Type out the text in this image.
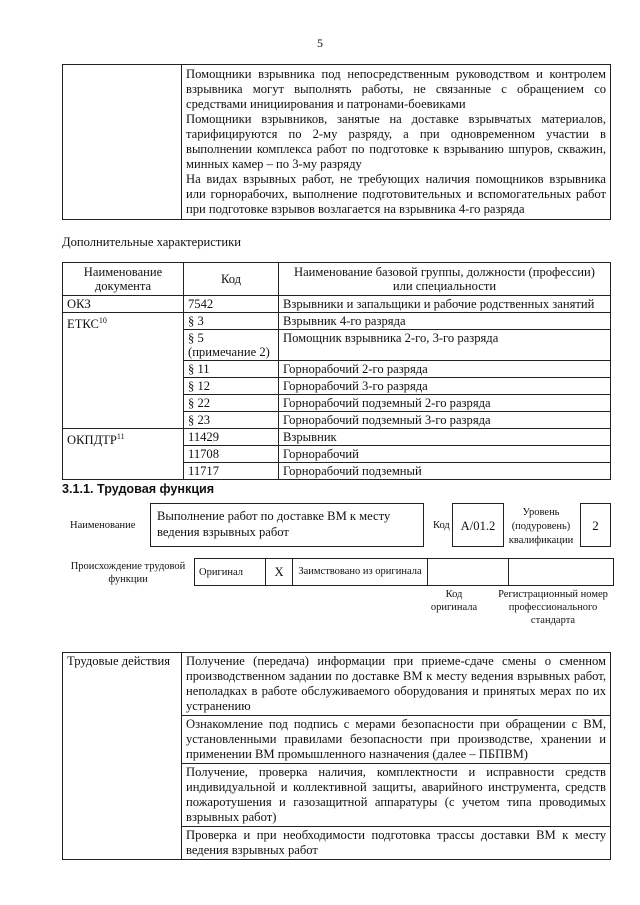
5

Помощники взрывника под непосредственным руководством и контролем взрывника могут выполнять работы, не связанные с обращением со средствами инициирования и патронами-боевиками

Помощники взрывников, занятые на доставке взрывчатых материалов, тарифицируются по 2-му разряду, а при одновременном участии в выполнении комплекса работ по подготовке к взрыванию шпуров, скважин, минных камер – по 3-му разряду

На видах взрывных работ, не требующих наличия помощников взрывника или горнорабочих, выполнение подготовительных и вспомогательных работ при подготовке взрывов возлагается на взрывника 4-го разряда

Дополнительные характеристики
Наименование документа	Код	Наименование базовой группы, должности (профессии) или специальности
ОКЗ	7542	Взрывники и запальщики и рабочие родственных занятий
ЕТКС$^{10}$	§ 3	Взрывник 4-го разряда
	§ 5 (примечание 2)	Помощник взрывника 2-го, 3-го разряда
	§ 11	Горнорабочий 2-го разряда
	§ 12	Горнорабочий 3-го разряда
	§ 22	Горнорабочий подземный 2-го разряда
	§ 23	Горнорабочий подземный 3-го разряда
ОКПДТР$^{11}$	11429	Взрывник
	11708	Горнорабочий
	11717	Горнорабочий подземный
3.1.1. Трудовая функция
Наименование
Выполнение работ по доставке ВМ к месту ведения взрывных работ	Код А/01.2
Уровень (подуровень) квалификации
2
Происхождение трудовой функции
Оригинал	X	Заимствовано из оригинала		
Код оригинала
Регистрационный номер профессионального стандарта
Трудовые действия	Получение (передача) информации при приеме-сдаче смены о сменном производственном задании по доставке ВМ к месту ведения взрывных работ, неполадках в работе обслуживаемого оборудования и принятых мерах по их устранению
Ознакомление под подпись с мерами безопасности при обращении с ВМ, установленными правилами безопасности при производстве, хранении и применении ВМ промышленного назначения (далее – ПБПВМ)
Получение, проверка наличия, комплектности и исправности средств индивидуальной и коллективной защиты, аварийного инструмента, средств пожаротушения и газозащитной аппаратуры (с учетом типа проводимых взрывных работ)
Проверка и при необходимости подготовка трассы доставки ВМ к месту ведения взрывных работ
